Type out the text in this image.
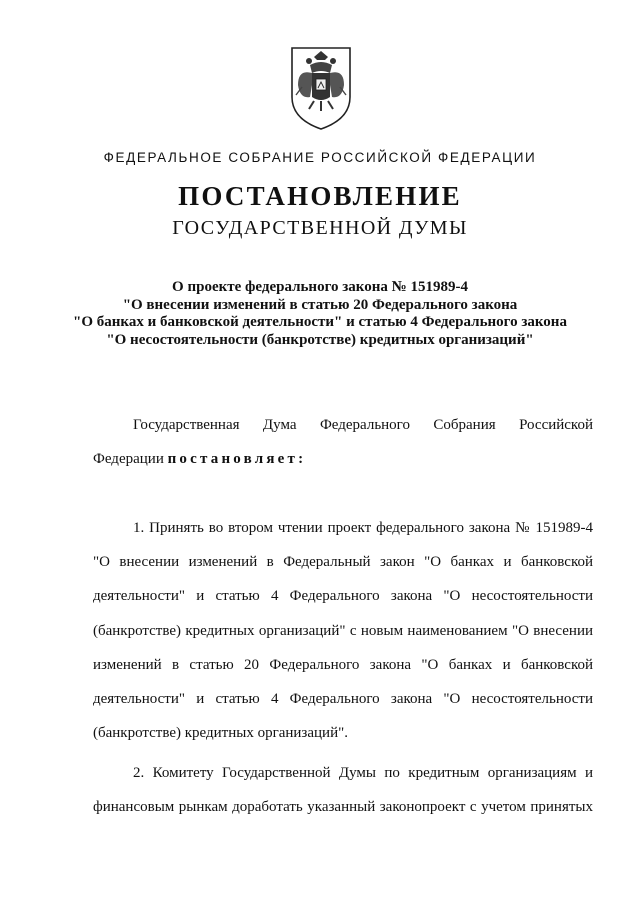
ФЕДЕРАЛЬНОЕ СОБРАНИЕ РОССИЙСКОЙ ФЕДЕРАЦИИ
ПОСТАНОВЛЕНИЕ
ГОСУДАРСТВЕННОЙ ДУМЫ
О проекте федерального закона № 151989-4
"О внесении изменений в статью 20 Федерального закона
"О банках и банковской деятельности" и статью 4 Федерального закона
"О несостоятельности (банкротстве) кредитных организаций"
Государственная Дума Федерального Собрания Российской
Федерации постановляет:
1. Принять во втором чтении проект федерального закона № 151989-4
"О внесении изменений в Федеральный закон "О банках и банковской
деятельности" и статью 4 Федерального закона "О несостоятельности
(банкротстве) кредитных организаций" с новым наименованием "О внесении
изменений в статью 20 Федерального закона "О банках и банковской
деятельности" и статью 4 Федерального закона "О несостоятельности
(банкротстве) кредитных организаций".
2. Комитету Государственной Думы по кредитным организациям и
финансовым рынкам доработать указанный законопроект с учетом принятых
